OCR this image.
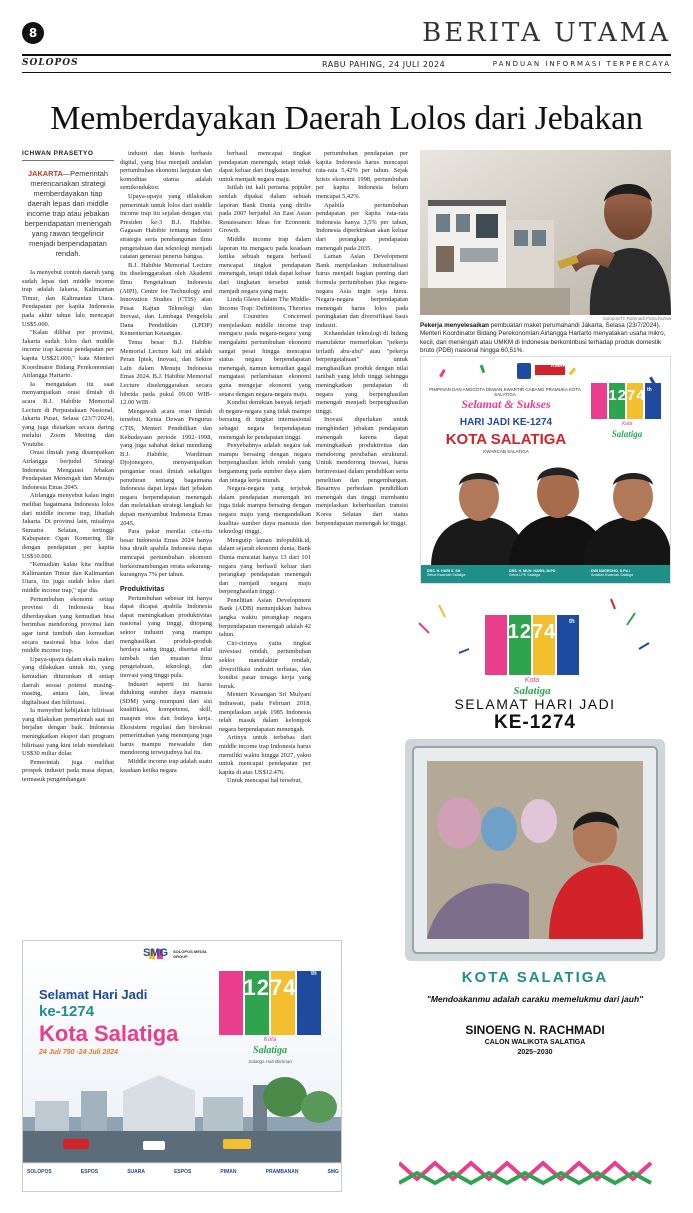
8	BERITA UTAMA
SOLOPOS	RABU PAHING, 24 JULI 2024	PANDUAN INFORMASI TERPERCAYA
Memberdayakan Daerah Lolos dari Jebakan
ICHWAN PRASETYO
JAKARTA—Pemerintah merencanakan strategi memberdayakan tiap daerah lepas dari middle income trap atau jebakan berpendapatan menengah yang rawan tergelincir menjadi berpendapatan rendah.

Ia menyebut contoh daerah yang sudah lepas dari middle income trap adalah Jakarta, Kalimantan Timur, dan Kalimantan Utara. Pendapatan per kapita Indonesia pada akhir tahun lalu mencapai US$5.000.

"Kalau dilihat per provinsi, Jakarta sudah lolos dari middle income trap karena pendapatan per kapita US$21.000," kata Menteri Koordinator Bidang Perekonomian Airlangga Hartarto.

Ia mengatakan itu saat menyampaikan orasi ilmiah di acara B.J. Habibie Memorial Lecture di Perpustakaan Nasional, Jakarta Pusat, Selasa (23/7/2024), yang juga disiarkan secara daring melalui Zoom Meeting dan Youtube.

Orasi ilmiah yang disampaikan Airlangga berjudul Strategi Indonesia Mengatasi Jebakan Pendapatan Menengah dan Menuju Indonesia Emas 2045.

Airlangga menyebut kalau ingin melihat bagaimana Indonesia lolos dari middle income trap, lihatlah Jakarta. Di provinsi lain, misalnya Sumatra Selatan, tertinggi Kabupaten Ogan Komering Ilir dengan pendapatan per kapita US$10.000.

"Kemudian kalau kita melihat Kalimantan Timur dan Kalimantan Utara, itu juga sudah lolos dari middle income trap," ujar dia.

Pertumbuhan ekonomi setiap provinsi di Indonesia bisa diberdayakan yang kemudian bisa berimbas mendorong provinsi lain agar turut tumbuh dan kemudian secara nasional bisa lolos dari middle income trap.

Upaya-upaya dalam skala makro yang dilakukan untuk itu, yang kemudian diturunkan di setiap daerah sesuai potensi masing-masing, antara lain, lewat digitalisasi dan hilirisasi.

Ia menyebut kebijakan hilirisasi yang dilakukan pemerintah saat ini berjalan dengan baik. Indonesia meningkatkan ekspor dari program hilirisasi yang kini telah mendekati US$30 miliar dolar.

Pemerintah juga melihat prospek industri pada masa depan, termasuk pengembangan

industri dan bisnis berbasis digital, yang bisa menjadi andalan pertumbuhan ekonomi lanjutan dan komoditas utama adalah semikonduktor.

Upaya-upaya yang dilakukan pemerintah untuk lolos dari middle income trap itu sejalan dengan visi Presiden ke-3 B.J. Habibie. Gagasan Habibie tentang industri strategis serta pembangunan ilmu pengetahuan dan teknologi menjadi catatan generasi penerus bangsa.

B.J. Habibie Memorial Lecture itu diselenggarakan oleh Akademi Ilmu Pengetahuan Indonesia (AIPI), Centre for Technology and Innovation Studies (CTIS) atau Pusat Kajian Teknologi dan Inovasi, dan Lembaga Pengelola Dana Pendidikan (LPDP) Kementerian Keuangan.

Tema besar B.J. Habibie Memorial Lecture kali ini adalah Peran Iptek, Inovasi, dan Sektor Lain dalam Menuju Indonesia Emas 2024. B.J. Habibie Memorial Lecture diselenggarakan secara hibrida pada pukul 09.00 WIB-12.00 WIB.

Mengawali acara orasi ilmiah tersebut, Ketua Dewan Pengurus CTIS, Menteri Pendidikan dan Kebudayaan periode 1992–1998, yang juga sahabat dekat mendiang B.J. Habibie, Wardiman Djojonegoro, menyampaikan pengantar orasi ilmiah sekaligus penuturan tentang bagaimana Indonesia dapat lepas dari jebakan negara berpendapatan menengah dan meletakkan strategi langkah ke depan menyambut Indonesia Emas 2045.

Para pakar menilai cita-cita besar Indonesia Emas 2024 hanya bisa diraih apabila Indonesia dapat mencapai pertumbuhan ekonomi berkesinambungan rerata sekurang-kurangnya 7% per tahun.

Produktivitas

Pertumbuhan sebesar ini hanya dapat dicapai apabila Indonesia dapat meningkatkan produktivitas nasional yang tinggi, ditopang sektor industri yang mampu menghasilkan produk-produk berdaya saing tinggi, disertai nilai tambah dan muatan ilmu pengetahuan, teknologi, dan inovasi yang tinggi pula.

Industri seperti ini harus didukung sumber daya manusia (SDM) yang mumpuni dari sisi kualifikasi, kompetensi, skill, maupun etos dan budaya kerja. Ekosistem regulasi dan birokrasi pemerintahan yang menunjang juga harus mampu mewadahi dan mendorong terwujudnya hal itu.

Middle income trap adalah suatu keadaan ketika negara

berhasil mencapai tingkat pendapatan menengah, tetapi tidak dapat keluar dari tingkatan tersebut untuk menjadi negara maju.

Istilah ini kali pertama populer setelah dipakai dalam sebuah laporan Bank Dunia yang dirilis pada 2007 berjudul An East Asian Renaissance: Ideas for Economic Growth.

Middle income trap dalam laporan itu mengacu pada keadaan ketika sebuah negara berhasil mencapai tingkat pendapatan menengah, tetapi tidak dapat keluar dari tingkatan tersebut untuk menjadi negara yang maju.

Linda Glawe dalam The Middle-Income Trap: Definitions, Theories and Countries Concerned menjelaskan middle income trap mengacu pada negara-negara yang mengalami pertumbuhan ekonomi sangat pesat hingga mencapai status negara berpendapatan menengah, namun kemudian gagal mengatasi perlambatan ekonomi guna mengejar ekonomi yang setara dengan negara-negara maju.

Kondisi demikian banyak terjadi di negara-negara yang tidak mampu bersaing di tingkat internasional sebagai negara berpendapatan menengah ke pendapatan tinggi.

Penyebabnya adalah negara tak mampu bersaing dengan negara berpenghasilan lebih rendah yang bergantung pada sumber daya alam dan tenaga kerja murah.

Negara-negara yang terjebak dalam pendapatan menengah ini juga tidak mampu bersaing dengan negara maju yang mengandalkan kualitas sumber daya manusia dan teknologi tinggi.

Mengutip laman infopublik.id, dalam sejarah ekonomi dunia, Bank Dunia mencatat hanya 13 dari 101 negara yang berhasil keluar dari perangkap pendapatan menengah dan menjadi negara maju berpenghasilan tinggi.

Penelitian Asian Development Bank (ADB) menunjukkan bahwa jangka waktu perangkap negara berpendapatan menengah adalah 42 tahun.

Ciri-cirinya yaitu tingkat investasi rendah, pertumbuhan sektor manufaktur rendah, diversifikasi industri terbatas, dan kondisi pasar tenaga kerja yang buruk.

Menteri Keuangan Sri Mulyani Indrawati, pada Februari 2018, menjelaskan sejak 1985 Indonesia telah masuk dalam kelompok negara berpendapatan menengah.

Artinya untuk terbebas dari middle income trap Indonesia harus memiliki waktu hingga 2027, yakni untuk mencapai pendapatan per kapita di atas US$12.476.

Untuk mencapai hal tersebut,

pertumbuhan pendapatan per kapita Indonesia harus mencapai rata-rata 5,42% per tahun. Sejak krisis ekonomi 1998, pertumbuhan per kapita Indonesia belum mencapai 5,42%.

Apabila pertumbuhan pendapatan per kapita rata-rata Indonesia hanya 3,5% per tahun, Indonesia diperkirakan akan keluar dari perangkap pendapatan menengah pada 2035.

Laman Asian Development Bank menjelaskan industrialisasi harus menjadi bagian penting dari formula pertumbuhan jika negara-negara Asia ingin seja htera. Negara-negara berpendapatan menengah harus lolos pada peningkatan dan diversifikasi basis industri.

Kehandalan teknologi di bidang manufaktur memerlukan "pekerja terlatih abu-abu" atau "pekerja berpengetahuan" untuk menghasilkan produk dengan nilai tambah yang lebih tinggi sehingga meningkatkan pendapatan di negara yang berpenghasilan menengah menjadi berpenghasilan tinggi.

Inovasi diperlukan untuk menghindari jebakan pendapatan menengah karena dapat meningkatkan produktivitas dan mendorong perubahan struktural. Untuk mendorong inovasi, harus berinvestasi dalam pendidikan serta penelitian dan pengembangan. Besarnya perbedaan pendidikan menengah dan tinggi membantu menjelaskan keberhasilan transisi Korea Selatan dari status berpendapatan menengah ke tinggi.

Solopos/Tri Rahmadi Putra Kurnia
Pekerja menyelesaikan pembuatan maket perumahandi Jakarta, Selasa (23/7/2024). Menteri Koordinator Bidang Perekonomian Airlangga Hartarto menyatakan usaha mikro, kecil, dan menengah atau UMKM di Indonesia berkontribusi terhadap produk domestik bruto (PDB) nasional hingga 60,51%.
PIMPINAN DAN ANGGOTA DEWAN KWARTIR CABANG PRAMUKA KOTA SALATIGA
KWARCAB SALATIGA
Selamat & Sukses
HARI JADI KE-1274
KOTA SALATIGA
KWARCAB SALATIGA
1274 th
Kota
Salatiga
DRS. H. HARI S. SH
Ketua Kwarcab Salatiga
DRS. H. MUH. HARIS, M.PD
Ketua LPK Salatiga
DWI NUGROHO, S.Pd.I
Andalan Kwarcab Salatiga
1274	th
Kota
Salatiga
SELAMAT HARI JADI
KE-1274
KOTA SALATIGA
"Mendoakanmu adalah caraku memelukmu dari jauh"
SINOENG N. RACHMADI
CALON WALIKOTA SALATIGA
2025–2030
SMG SOLOPOS MEDIA GROUP
Selamat Hari Jadi
ke-1274
Kota Salatiga
24 Juli 750 -24 Juli 2024
1274
th
Kota
Salatiga
Salatiga Hati Beriman
SOLOPOS	ESPOS	SUARA	ESPOS	PIMAN	PRAMBANAN	SMG
